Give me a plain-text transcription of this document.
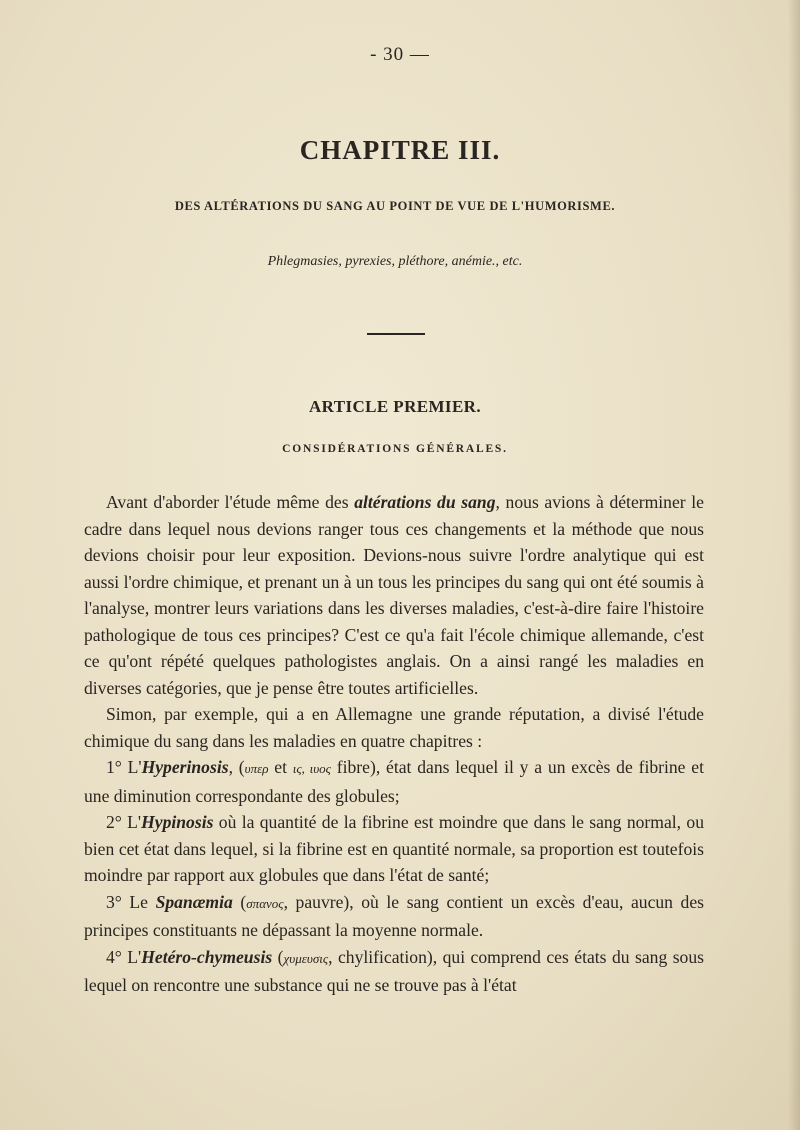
- 30 —
CHAPITRE III.
DES ALTÉRATIONS DU SANG AU POINT DE VUE DE L'HUMORISME.
Phlegmasies, pyrexies, pléthore, anémie., etc.
ARTICLE PREMIER.
CONSIDÉRATIONS GÉNÉRALES.

Avant d'aborder l'étude même des altérations du sang, nous avions à déterminer le cadre dans lequel nous devions ranger tous ces changements et la méthode que nous devions choisir pour leur exposition. Devions-nous suivre l'ordre analytique qui est aussi l'ordre chimique, et prenant un à un tous les principes du sang qui ont été soumis à l'analyse, montrer leurs variations dans les diverses maladies, c'est-à-dire faire l'histoire pathologique de tous ces principes? C'est ce qu'a fait l'école chimique allemande, c'est ce qu'ont répété quelques pathologistes anglais. On a ainsi rangé les maladies en diverses catégories, que je pense être toutes artificielles.

Simon, par exemple, qui a en Allemagne une grande réputation, a divisé l'étude chimique du sang dans les maladies en quatre chapitres :

1° L'Hyperinosis, (υπερ et ις, ιυος fibre), état dans lequel il y a un excès de fibrine et une diminution correspondante des globules;

2° L'Hypinosis où la quantité de la fibrine est moindre que dans le sang normal, ou bien cet état dans lequel, si la fibrine est en quantité normale, sa proportion est toutefois moindre par rapport aux globules que dans l'état de santé;

3° Le Spanæmia (σπανος, pauvre), où le sang contient un excès d'eau, aucun des principes constituants ne dépassant la moyenne normale.

4° L'Hetéro-chymeusis (χυμευσις, chylification), qui comprend ces états du sang sous lequel on rencontre une substance qui ne se trouve pas à l'état
